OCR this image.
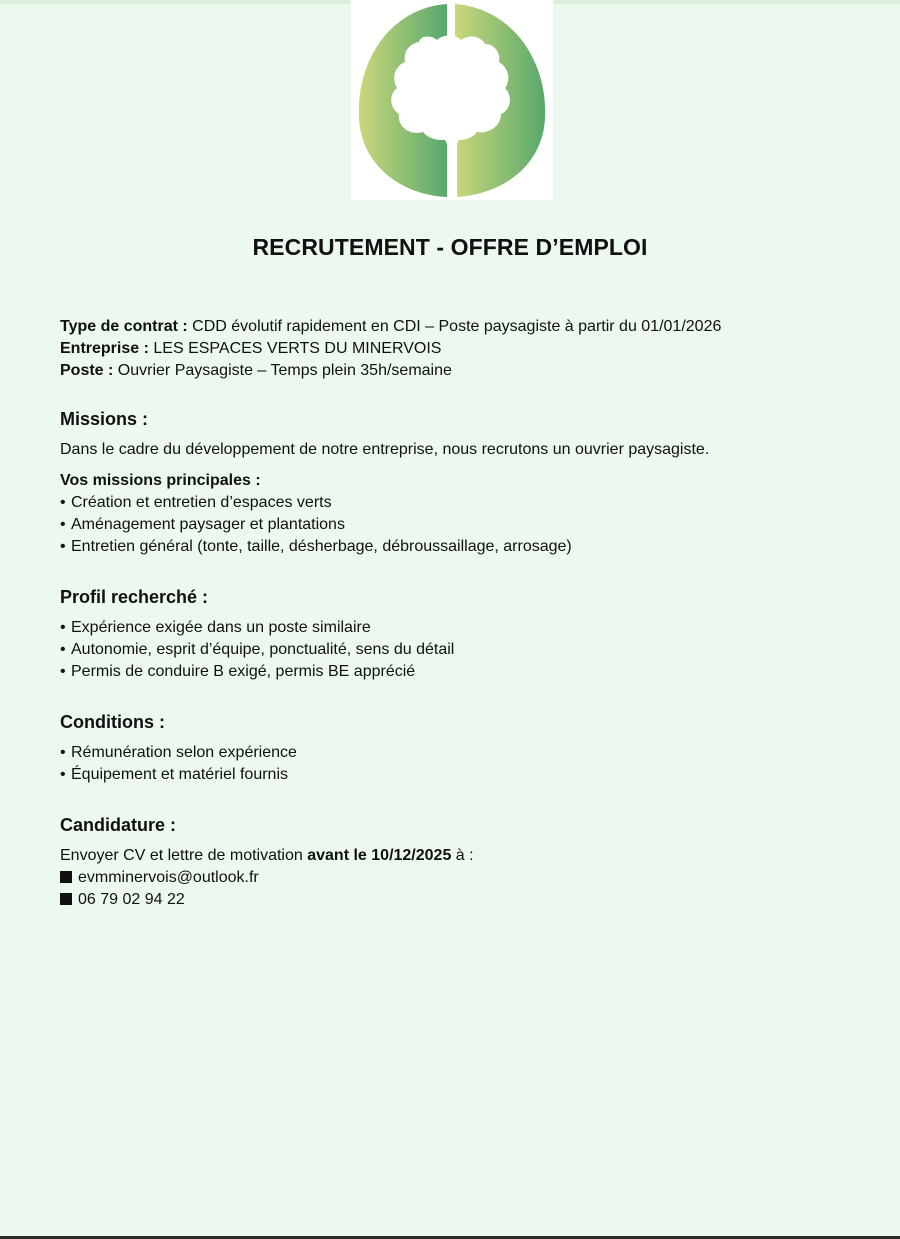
RECRUTEMENT - OFFRE D’EMPLOI

Type de contrat : CDD évolutif rapidement en CDI – Poste paysagiste à partir du 01/01/2026

Entreprise : LES ESPACES VERTS DU MINERVOIS

Poste : Ouvrier Paysagiste – Temps plein 35h/semaine

Missions :

Dans le cadre du développement de notre entreprise, nous recrutons un ouvrier paysagiste.

Vos missions principales :

• Création et entretien d’espaces verts
• Aménagement paysager et plantations
• Entretien général (tonte, taille, désherbage, débroussaillage, arrosage)
Profil recherché :
• Expérience exigée dans un poste similaire
• Autonomie, esprit d’équipe, ponctualité, sens du détail
• Permis de conduire B exigé, permis BE apprécié
Conditions :
• Rémunération selon expérience
• Équipement et matériel fournis
Candidature :

Envoyer CV et lettre de motivation avant le 10/12/2025 à :

evmminervois@outlook.fr

06 79 02 94 22
